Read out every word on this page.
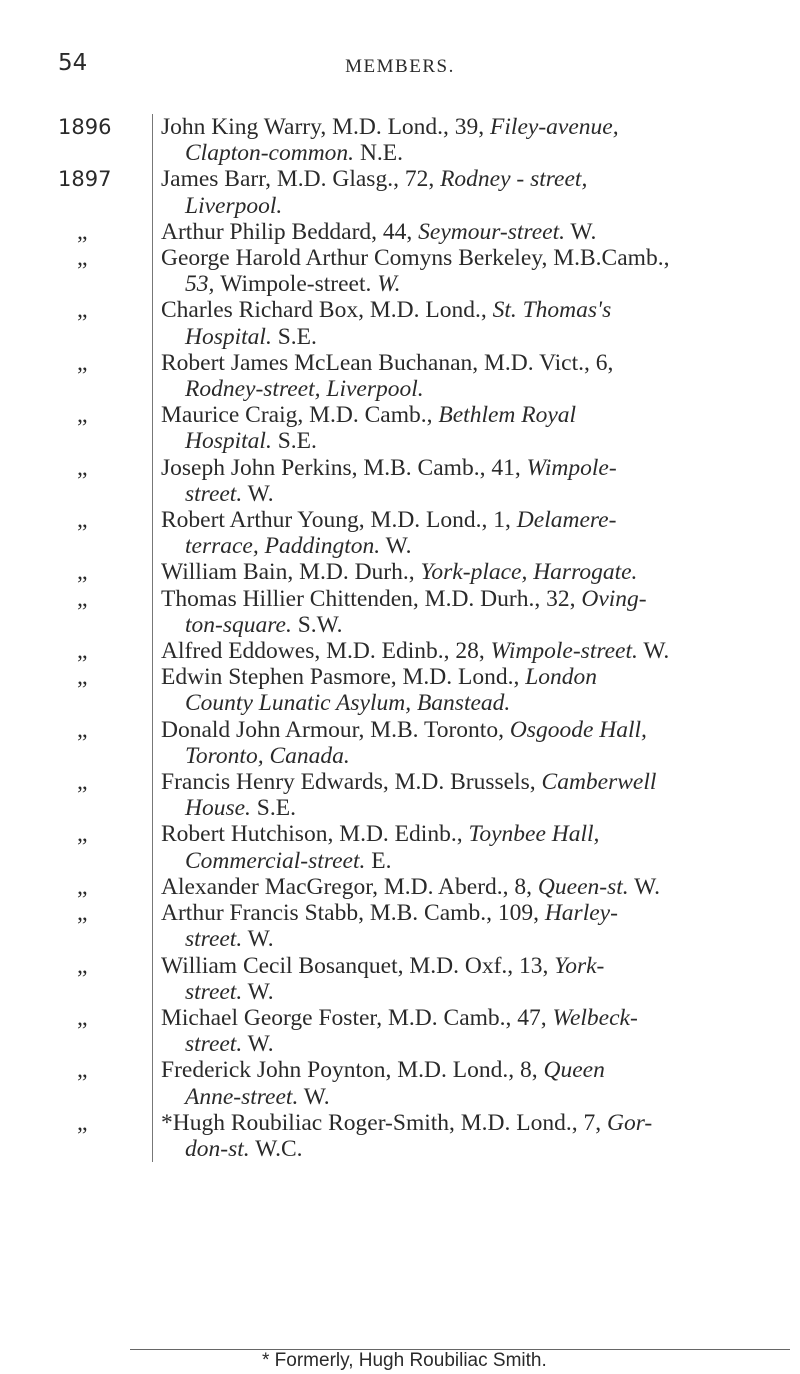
54	MEMBERS.
1896	John King Warry, M.D. Lond., 39, Filey-avenue,
Clapton-common. N.E.
1897	James Barr, M.D. Glasg., 72, Rodney - street,
Liverpool.
„	Arthur Philip Beddard, 44, Seymour-street. W.
„	George Harold Arthur Comyns Berkeley, M.B.Camb.,
53, Wimpole-street. W.
„	Charles Richard Box, M.D. Lond., St. Thomas's
Hospital. S.E.
„	Robert James McLean Buchanan, M.D. Vict., 6,
Rodney-street, Liverpool.
„	Maurice Craig, M.D. Camb., Bethlem Royal
Hospital. S.E.
„	Joseph John Perkins, M.B. Camb., 41, Wimpole-
street. W.
„	Robert Arthur Young, M.D. Lond., 1, Delamere-
terrace, Paddington. W.
„	William Bain, M.D. Durh., York-place, Harrogate.
„	Thomas Hillier Chittenden, M.D. Durh., 32, Oving-
ton-square. S.W.
„	Alfred Eddowes, M.D. Edinb., 28, Wimpole-street. W.
„	Edwin Stephen Pasmore, M.D. Lond., London
County Lunatic Asylum, Banstead.
„	Donald John Armour, M.B. Toronto, Osgoode Hall,
Toronto, Canada.
„	Francis Henry Edwards, M.D. Brussels, Camberwell
House. S.E.
„	Robert Hutchison, M.D. Edinb., Toynbee Hall,
Commercial-street. E.
„	Alexander MacGregor, M.D. Aberd., 8, Queen-st. W.
„	Arthur Francis Stabb, M.B. Camb., 109, Harley-
street. W.
„	William Cecil Bosanquet, M.D. Oxf., 13, York-
street. W.
„	Michael George Foster, M.D. Camb., 47, Welbeck-
street. W.
„	Frederick John Poynton, M.D. Lond., 8, Queen
Anne-street. W.
„	*Hugh Roubiliac Roger-Smith, M.D. Lond., 7, Gor-
don-st. W.C.
* Formerly, Hugh Roubiliac Smith.
